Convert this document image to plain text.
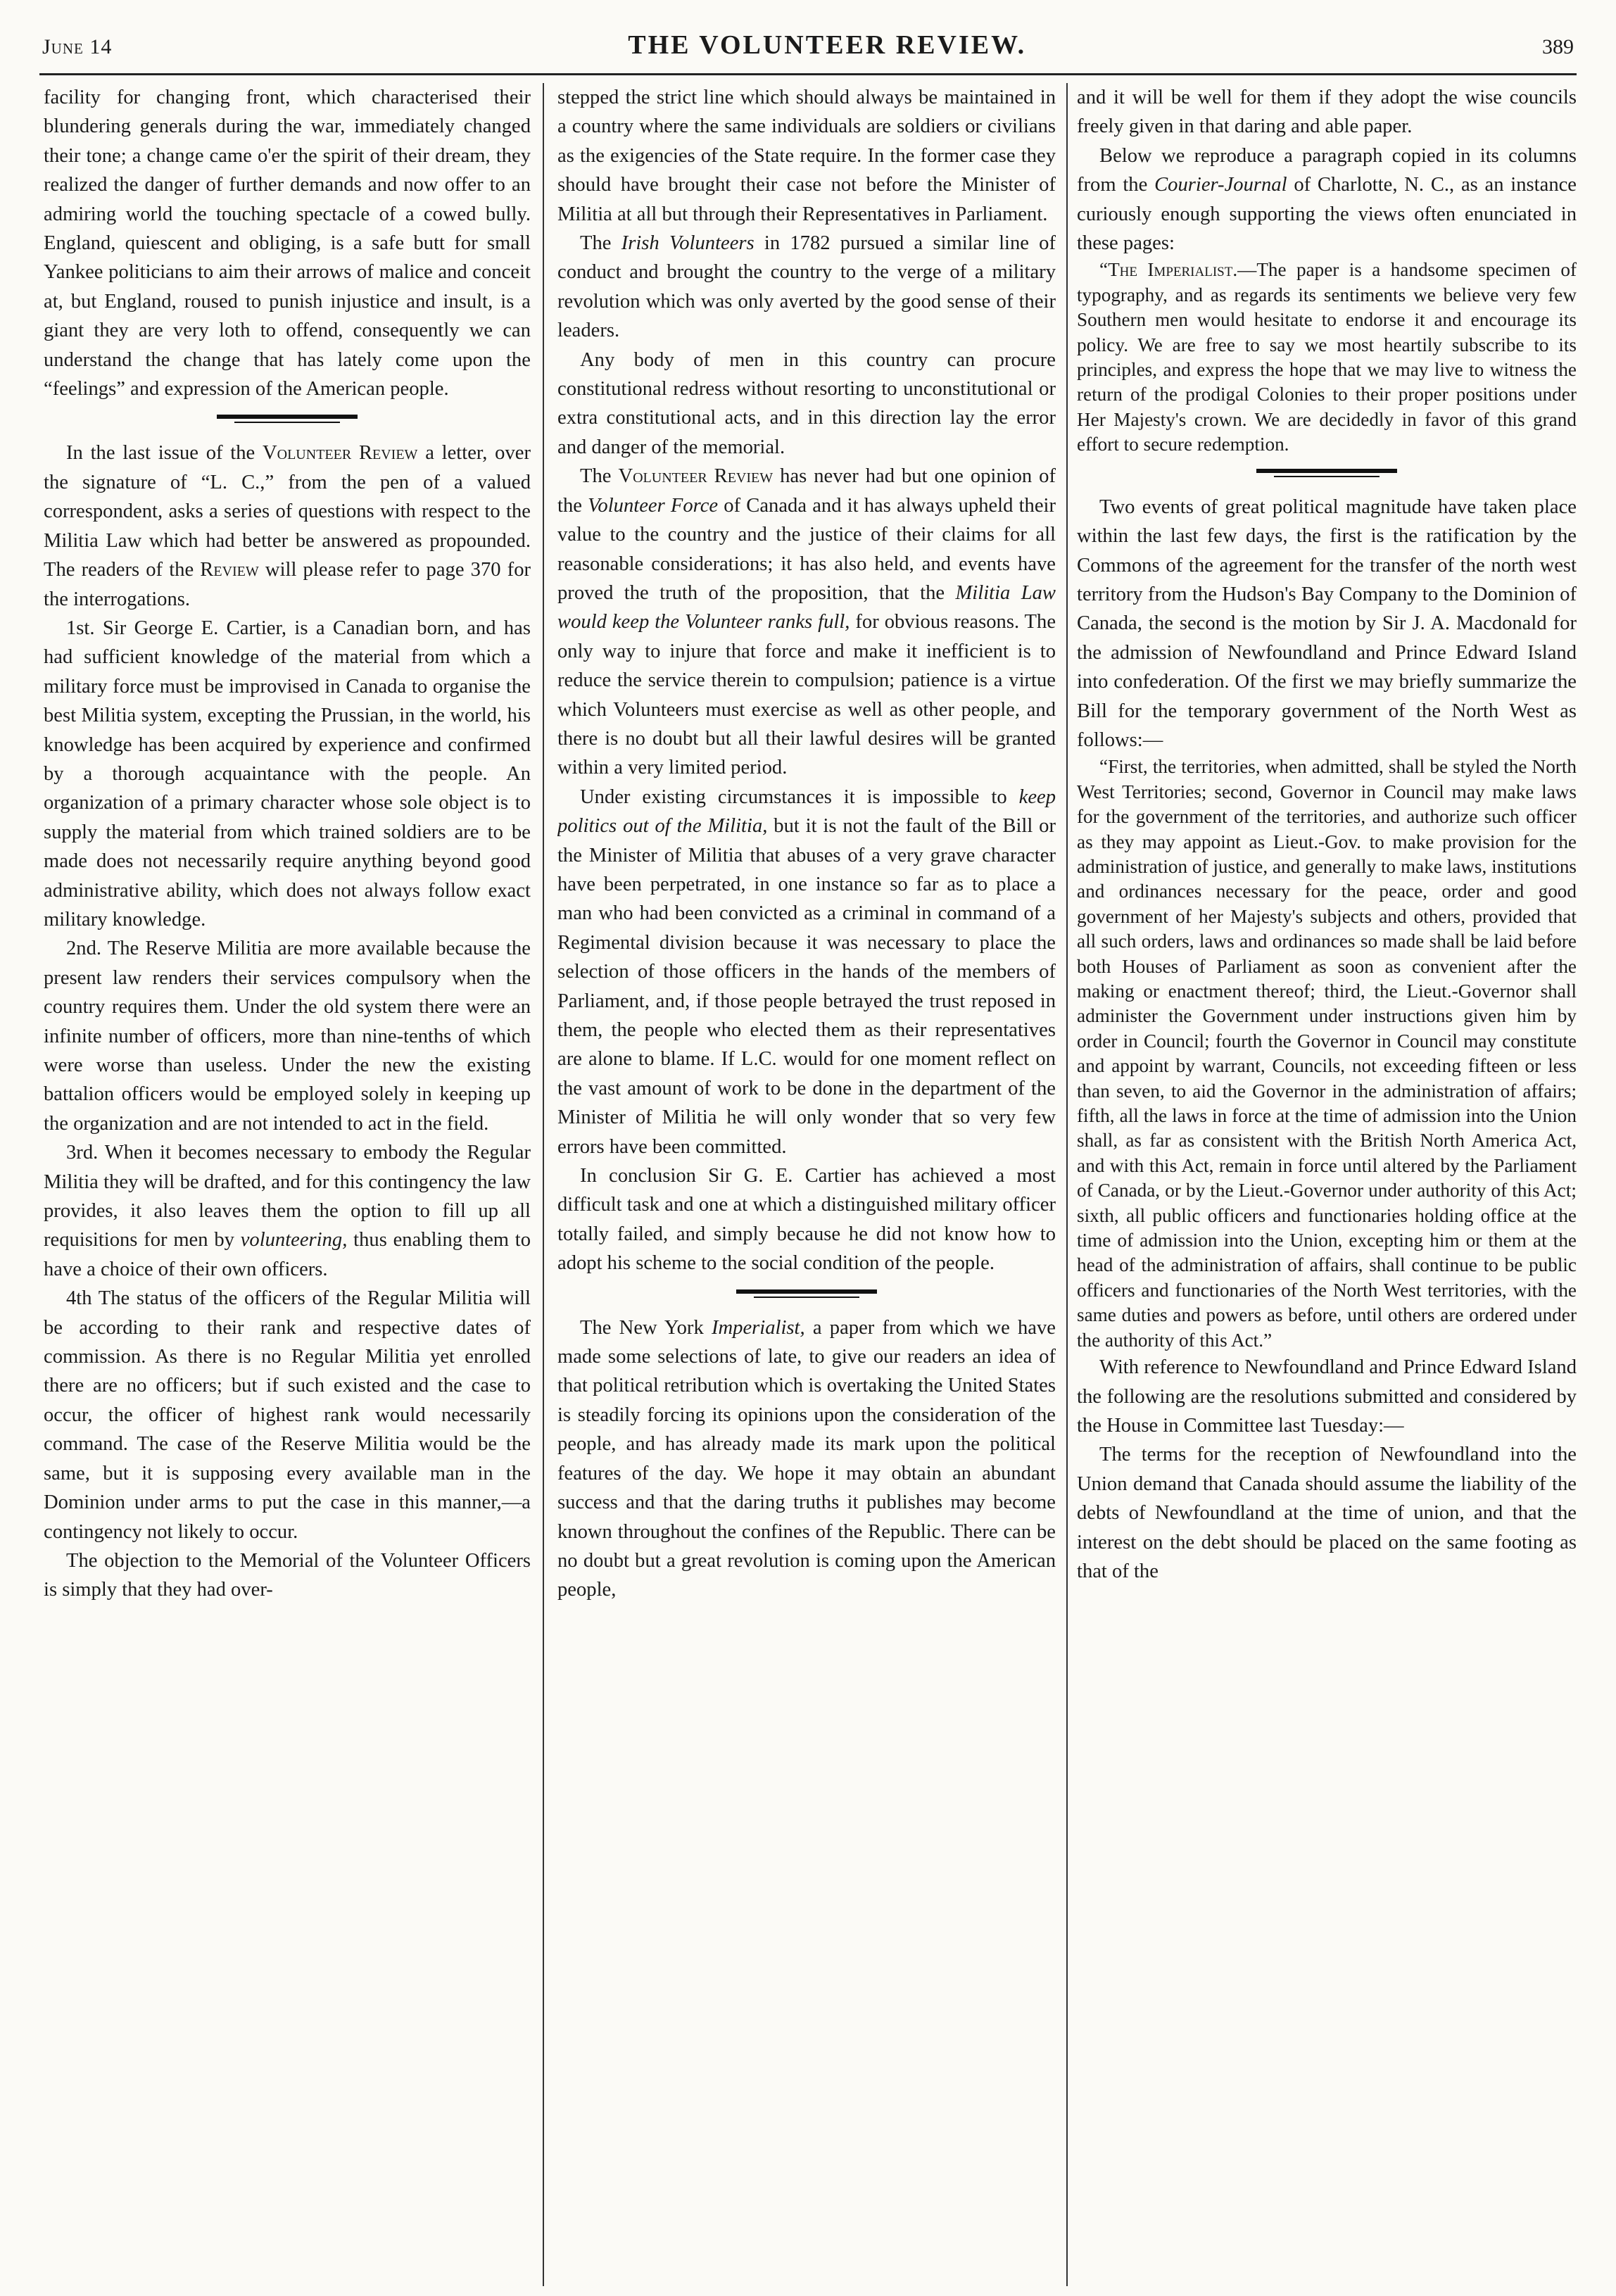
June 14	THE VOLUNTEER REVIEW.	389

facility for changing front, which characterised their blundering generals during the war, immediately changed their tone; a change came o'er the spirit of their dream, they realized the danger of further demands and now offer to an admiring world the touching spectacle of a cowed bully. England, quiescent and obliging, is a safe butt for small Yankee politicians to aim their arrows of malice and conceit at, but England, roused to punish injustice and insult, is a giant they are very loth to offend, consequently we can understand the change that has lately come upon the “feelings” and expression of the American people.

In the last issue of the Volunteer Review a letter, over the signature of “L. C.,” from the pen of a valued correspondent, asks a series of questions with respect to the Militia Law which had better be answered as propounded. The readers of the Review will please refer to page 370 for the interrogations.

1st. Sir George E. Cartier, is a Canadian born, and has had sufficient knowledge of the material from which a military force must be improvised in Canada to organise the best Militia system, excepting the Prussian, in the world, his knowledge has been acquired by experience and confirmed by a thorough acquaintance with the people. An organization of a primary character whose sole object is to supply the material from which trained soldiers are to be made does not necessarily require anything beyond good administrative ability, which does not always follow exact military knowledge.

2nd. The Reserve Militia are more available because the present law renders their services compulsory when the country requires them. Under the old system there were an infinite number of officers, more than nine-tenths of which were worse than useless. Under the new the existing battalion officers would be employed solely in keeping up the organization and are not intended to act in the field.

3rd. When it becomes necessary to embody the Regular Militia they will be drafted, and for this contingency the law provides, it also leaves them the option to fill up all requisitions for men by volunteering, thus enabling them to have a choice of their own officers.

4th The status of the officers of the Regular Militia will be according to their rank and respective dates of commission. As there is no Regular Militia yet enrolled there are no officers; but if such existed and the case to occur, the officer of highest rank would necessarily command. The case of the Reserve Militia would be the same, but it is supposing every available man in the Dominion under arms to put the case in this manner,—a contingency not likely to occur.

The objection to the Memorial of the Volunteer Officers is simply that they had over-

stepped the strict line which should always be maintained in a country where the same individuals are soldiers or civilians as the exigencies of the State require. In the former case they should have brought their case not before the Minister of Militia at all but through their Representatives in Parliament.

The Irish Volunteers in 1782 pursued a similar line of conduct and brought the country to the verge of a military revolution which was only averted by the good sense of their leaders.

Any body of men in this country can procure constitutional redress without resorting to unconstitutional or extra constitutional acts, and in this direction lay the error and danger of the memorial.

The Volunteer Review has never had but one opinion of the Volunteer Force of Canada and it has always upheld their value to the country and the justice of their claims for all reasonable considerations; it has also held, and events have proved the truth of the proposition, that the Militia Law would keep the Volunteer ranks full, for obvious reasons. The only way to injure that force and make it inefficient is to reduce the service therein to compulsion; patience is a virtue which Volunteers must exercise as well as other people, and there is no doubt but all their lawful desires will be granted within a very limited period.

Under existing circumstances it is impossible to keep politics out of the Militia, but it is not the fault of the Bill or the Minister of Militia that abuses of a very grave character have been perpetrated, in one instance so far as to place a man who had been convicted as a criminal in command of a Regimental division because it was necessary to place the selection of those officers in the hands of the members of Parliament, and, if those people betrayed the trust reposed in them, the people who elected them as their representatives are alone to blame. If L.C. would for one moment reflect on the vast amount of work to be done in the department of the Minister of Militia he will only wonder that so very few errors have been committed.

In conclusion Sir G. E. Cartier has achieved a most difficult task and one at which a distinguished military officer totally failed, and simply because he did not know how to adopt his scheme to the social condition of the people.

The New York Imperialist, a paper from which we have made some selections of late, to give our readers an idea of that political retribution which is overtaking the United States is steadily forcing its opinions upon the consideration of the people, and has already made its mark upon the political features of the day. We hope it may obtain an abundant success and that the daring truths it publishes may become known throughout the confines of the Republic. There can be no doubt but a great revolution is coming upon the American people,

and it will be well for them if they adopt the wise councils freely given in that daring and able paper.

Below we reproduce a paragraph copied in its columns from the Courier-Journal of Charlotte, N. C., as an instance curiously enough supporting the views often enunciated in these pages:

“The Imperialist.—The paper is a handsome specimen of typography, and as regards its sentiments we believe very few Southern men would hesitate to endorse it and encourage its policy. We are free to say we most heartily subscribe to its principles, and express the hope that we may live to witness the return of the prodigal Colonies to their proper positions under Her Majesty's crown. We are decidedly in favor of this grand effort to secure redemption.

Two events of great political magnitude have taken place within the last few days, the first is the ratification by the Commons of the agreement for the transfer of the north west territory from the Hudson's Bay Company to the Dominion of Canada, the second is the motion by Sir J. A. Macdonald for the admission of Newfoundland and Prince Edward Island into confederation. Of the first we may briefly summarize the Bill for the temporary government of the North West as follows:—

“First, the territories, when admitted, shall be styled the North West Territories; second, Governor in Council may make laws for the government of the territories, and authorize such officer as they may appoint as Lieut.-Gov. to make provision for the administration of justice, and generally to make laws, institutions and ordinances necessary for the peace, order and good government of her Majesty's subjects and others, provided that all such orders, laws and ordinances so made shall be laid before both Houses of Parliament as soon as convenient after the making or enactment thereof; third, the Lieut.-Governor shall administer the Government under instructions given him by order in Council; fourth the Governor in Council may constitute and appoint by warrant, Councils, not exceeding fifteen or less than seven, to aid the Governor in the administration of affairs; fifth, all the laws in force at the time of admission into the Union shall, as far as consistent with the British North America Act, and with this Act, remain in force until altered by the Parliament of Canada, or by the Lieut.-Governor under authority of this Act; sixth, all public officers and functionaries holding office at the time of admission into the Union, excepting him or them at the head of the administration of affairs, shall continue to be public officers and functionaries of the North West territories, with the same duties and powers as before, until others are ordered under the authority of this Act.”

With reference to Newfoundland and Prince Edward Island the following are the resolutions submitted and considered by the House in Committee last Tuesday:—

The terms for the reception of Newfoundland into the Union demand that Canada should assume the liability of the debts of Newfoundland at the time of union, and that the interest on the debt should be placed on the same footing as that of the
